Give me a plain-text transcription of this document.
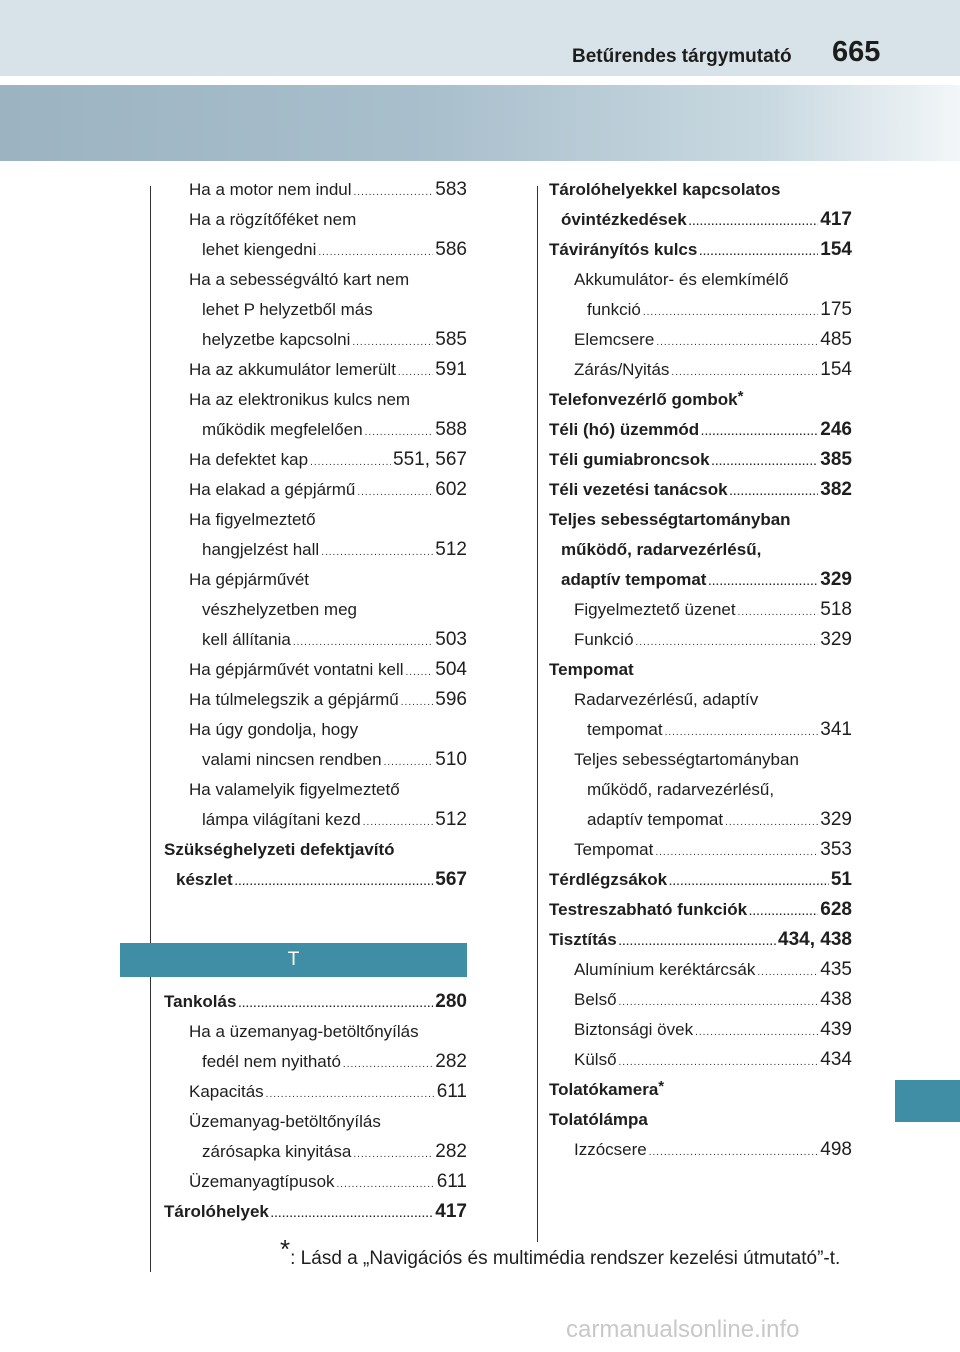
Betűrendes tárgymutató 665
Ha a motor nem indul .....	583
Ha a rögzítőféket nem
lehet kiengedni .....	586
Ha a sebességváltó kart nem
lehet P helyzetből más
helyzetbe kapcsolni .....	585
Ha az akkumulátor lemerült ..... 591
Ha az elektronikus kulcs nem
működik megfelelően .....	588
Ha defektet kap .....	551, 567
Ha elakad a gépjármű .....	602
Ha figyelmeztető
hangjelzést hall .....	512
Ha gépjárművét
vészhelyzetben meg
kell állítania .....	503
Ha gépjárművét vontatni kell ..... 504
Ha túlmelegszik a gépjármű ..... 596
Ha úgy gondolja, hogy
valami nincsen rendben .....	510
Ha valamelyik figyelmeztető
lámpa világítani kezd .....	512
Szükséghelyzeti defektjavító
készlet .....	567
T
Tankolás .....	280
Ha a üzemanyag-betöltőnyílás
fedél nem nyitható .....	282
Kapacitás .....	611
Üzemanyag-betöltőnyílás
zárósapka kinyitása .....	282
Üzemanyagtípusok .....	611
Tárolóhelyek .....	417
Tárolóhelyekkel kapcsolatos
óvintézkedések .....	417
Távirányítós kulcs .....	154
Akkumulátor- és elemkímélő
funkció .....	175
Elemcsere .....	485
Zárás/Nyitás .....	154
Telefonvezérlő gombok *
Téli (hó) üzemmód .....	246
Téli gumiabroncsok .....	385
Téli vezetési tanácsok .....	382
Teljes sebességtartományban
működő, radarvezérlésű,
adaptív tempomat .....	329
Figyelmeztető üzenet .....	518
Funkció .....	329
Tempomat
Radarvezérlésű, adaptív
tempomat .....	341
Teljes sebességtartományban
működő, radarvezérlésű,
adaptív tempomat .....	329
Tempomat .....	353
Térdlégzsákok .....	51
Testreszabható funkciók .....	628
Tisztítás .....	434, 438
Alumínium keréktárcsák .....	435
Belső .....	438
Biztonsági övek .....	439
Külső .....	434
Tolatókamera *
Tolatólámpa
Izzócsere .....	498
*: Lásd a „Navigációs és multimédia rendszer kezelési útmutató”-t.
carmanualsonline.info
